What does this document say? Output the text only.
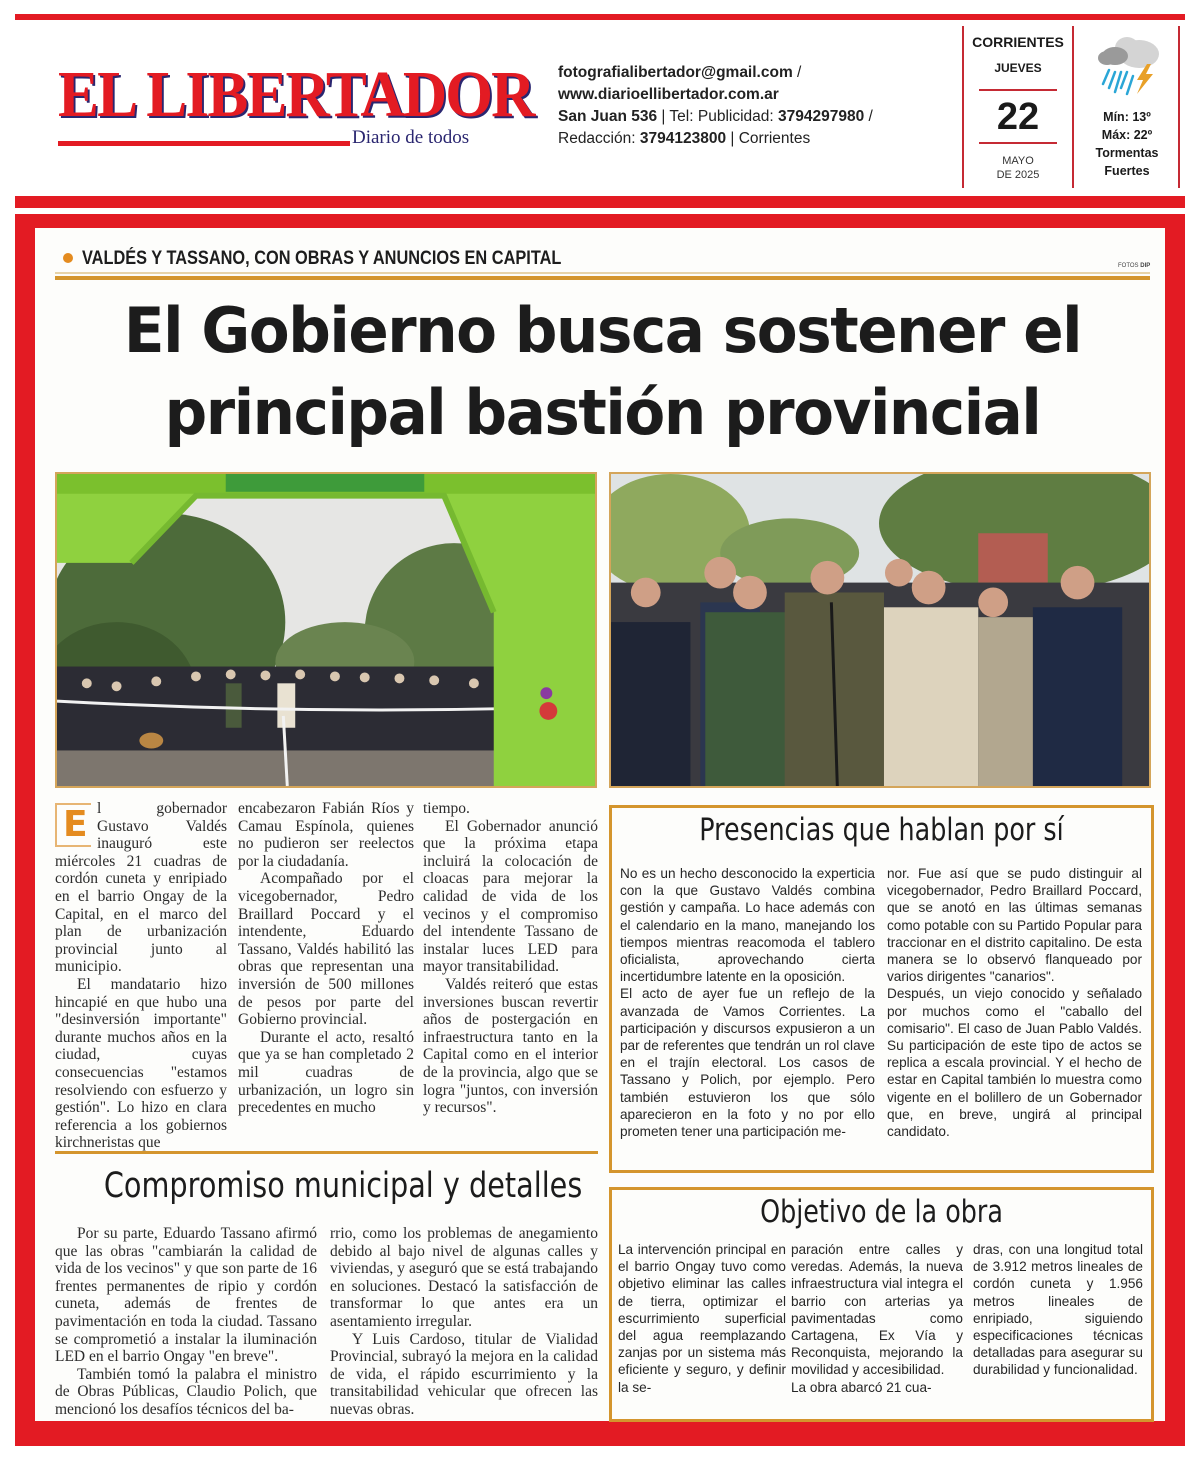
EL LIBERTADOR
Diario de todos
fotografialibertador@gmail.com /
www.diarioellibertador.com.ar
San Juan 536 | Tel: Publicidad: 3794297980 /
Redacción: 3794123800 | Corrientes
CORRIENTES
JUEVES
22
MAYO
DE 2025
Mín: 13º
Máx: 22º
Tormentas
Fuertes
VALDÉS Y TASSANO, CON OBRAS Y ANUNCIOS EN CAPITAL	FOTOS DIP
El Gobierno busca sostener el
principal bastión provincial
E l gobernador Gustavo Valdés inauguró este miércoles 21 cuadras de cordón cuneta y enripiado en el barrio Ongay de la Capital, en el marco del plan de urbanización provincial junto al municipio.

El mandatario hizo hincapié en que hubo una "desinversión importante" durante muchos años en la ciudad, cuyas consecuencias "estamos resolviendo con esfuerzo y gestión". Lo hizo en clara referencia a los gobiernos kirchneristas que

encabezaron Fabián Ríos y Camau Espínola, quienes no pudieron ser reelectos por la ciudadanía.

Acompañado por el vicegobernador, Pedro Braillard Poccard y el intendente, Eduardo Tassano, Valdés habilitó las obras que representan una inversión de 500 millones de pesos por parte del Gobierno provincial.

Durante el acto, resaltó que ya se han completado 2 mil cuadras de urbanización, un logro sin precedentes en mucho

tiempo.

El Gobernador anunció que la próxima etapa incluirá la colocación de cloacas para mejorar la calidad de vida de los vecinos y el compromiso del intendente Tassano de instalar luces LED para mayor transitabilidad.

Valdés reiteró que estas inversiones buscan revertir años de postergación en infraestructura tanto en la Capital como en el interior de la provincia, algo que se logra "juntos, con inversión y recursos".

Presencias que hablan por sí

No es un hecho desconocido la experticia con la que Gustavo Valdés combina gestión y campaña. Lo hace además con el calendario en la mano, manejando los tiempos mientras reacomoda el tablero oficialista, aprovechando cierta incertidumbre latente en la oposición.

El acto de ayer fue un reflejo de la avanzada de Vamos Corrientes. La participación y discursos expusieron a un par de referentes que tendrán un rol clave en el trajín electoral. Los casos de Tassano y Polich, por ejemplo. Pero también estuvieron los que sólo aparecieron en la foto y no por ello prometen tener una participación me-

nor. Fue así que se pudo distinguir al vicegobernador, Pedro Braillard Poccard, que se anotó en las últimas semanas como potable con su Partido Popular para traccionar en el distrito capitalino. De esta manera se lo observó flanqueado por varios dirigentes "canarios".

Después, un viejo conocido y señalado por muchos como el "caballo del comisario". El caso de Juan Pablo Valdés. Su participación de este tipo de actos se replica a escala provincial. Y el hecho de estar en Capital también lo muestra como vigente en el bolillero de un Gobernador que, en breve, ungirá al principal candidato.

Compromiso municipal y detalles

Por su parte, Eduardo Tassano afirmó que las obras "cambiarán la calidad de vida de los vecinos" y que son parte de 16 frentes permanentes de ripio y cordón cuneta, además de frentes de pavimentación en toda la ciudad. Tassano se comprometió a instalar la iluminación LED en el barrio Ongay "en breve".

También tomó la palabra el ministro de Obras Públicas, Claudio Polich, que mencionó los desafíos técnicos del ba-

rrio, como los problemas de anegamiento debido al bajo nivel de algunas calles y viviendas, y aseguró que se está trabajando en soluciones. Destacó la satisfacción de transformar lo que antes era un asentamiento irregular.

Y Luis Cardoso, titular de Vialidad Provincial, subrayó la mejora en la calidad de vida, el rápido escurrimiento y la transitabilidad vehicular que ofrecen las nuevas obras.

Objetivo de la obra

La intervención principal en el barrio Ongay tuvo como objetivo eliminar las calles de tierra, optimizar el escurrimiento superficial del agua reemplazando zanjas por un sistema más eficiente y seguro, y definir la se-

paración entre calles y veredas. Además, la nueva infraestructura vial integra el barrio con arterias ya pavimentadas como Cartagena, Ex Vía y Reconquista, mejorando la movilidad y accesibilidad.

La obra abarcó 21 cua-

dras, con una longitud total de 3.912 metros lineales de cordón cuneta y 1.956 metros lineales de enripiado, siguiendo especificaciones técnicas detalladas para asegurar su durabilidad y funcionalidad.
